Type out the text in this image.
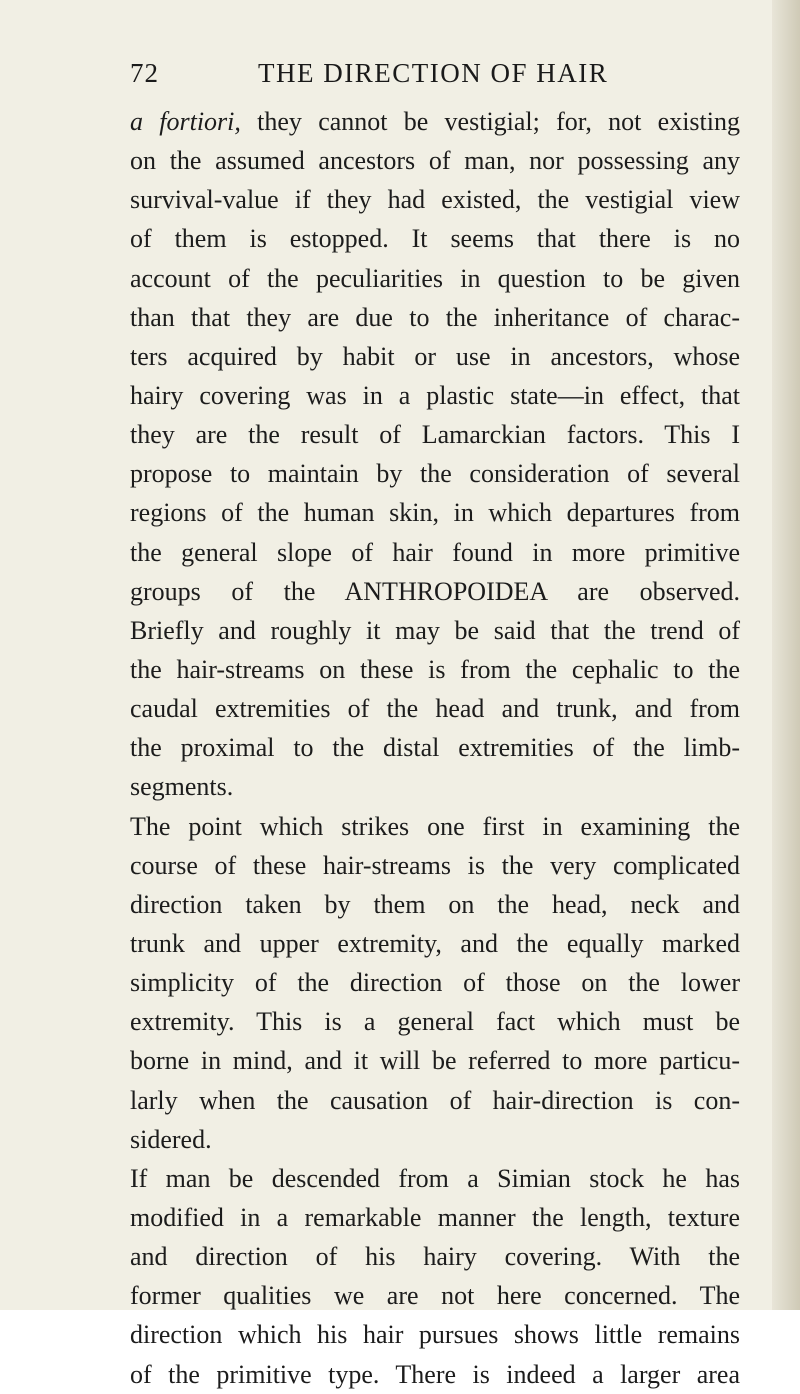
72	THE DIRECTION OF HAIR
a fortiori, they cannot be vestigial; for, not existing
on the assumed ancestors of man, nor possessing any
survival-value if they had existed, the vestigial view
of them is estopped. It seems that there is no
account of the peculiarities in question to be given
than that they are due to the inheritance of charac-
ters acquired by habit or use in ancestors, whose
hairy covering was in a plastic state—in effect, that
they are the result of Lamarckian factors. This I
propose to maintain by the consideration of several
regions of the human skin, in which departures from
the general slope of hair found in more primitive
groups of the ANTHROPOIDEA are observed.
Briefly and roughly it may be said that the trend of
the hair-streams on these is from the cephalic to the
caudal extremities of the head and trunk, and from
the proximal to the distal extremities of the limb-
segments.
The point which strikes one first in examining the
course of these hair-streams is the very complicated
direction taken by them on the head, neck and
trunk and upper extremity, and the equally marked
simplicity of the direction of those on the lower
extremity. This is a general fact which must be
borne in mind, and it will be referred to more particu-
larly when the causation of hair-direction is con-
sidered.
If man be descended from a Simian stock he has
modified in a remarkable manner the length, texture
and direction of his hairy covering. With the
former qualities we are not here concerned. The
direction which his hair pursues shows little remains
of the primitive type. There is indeed a larger area
